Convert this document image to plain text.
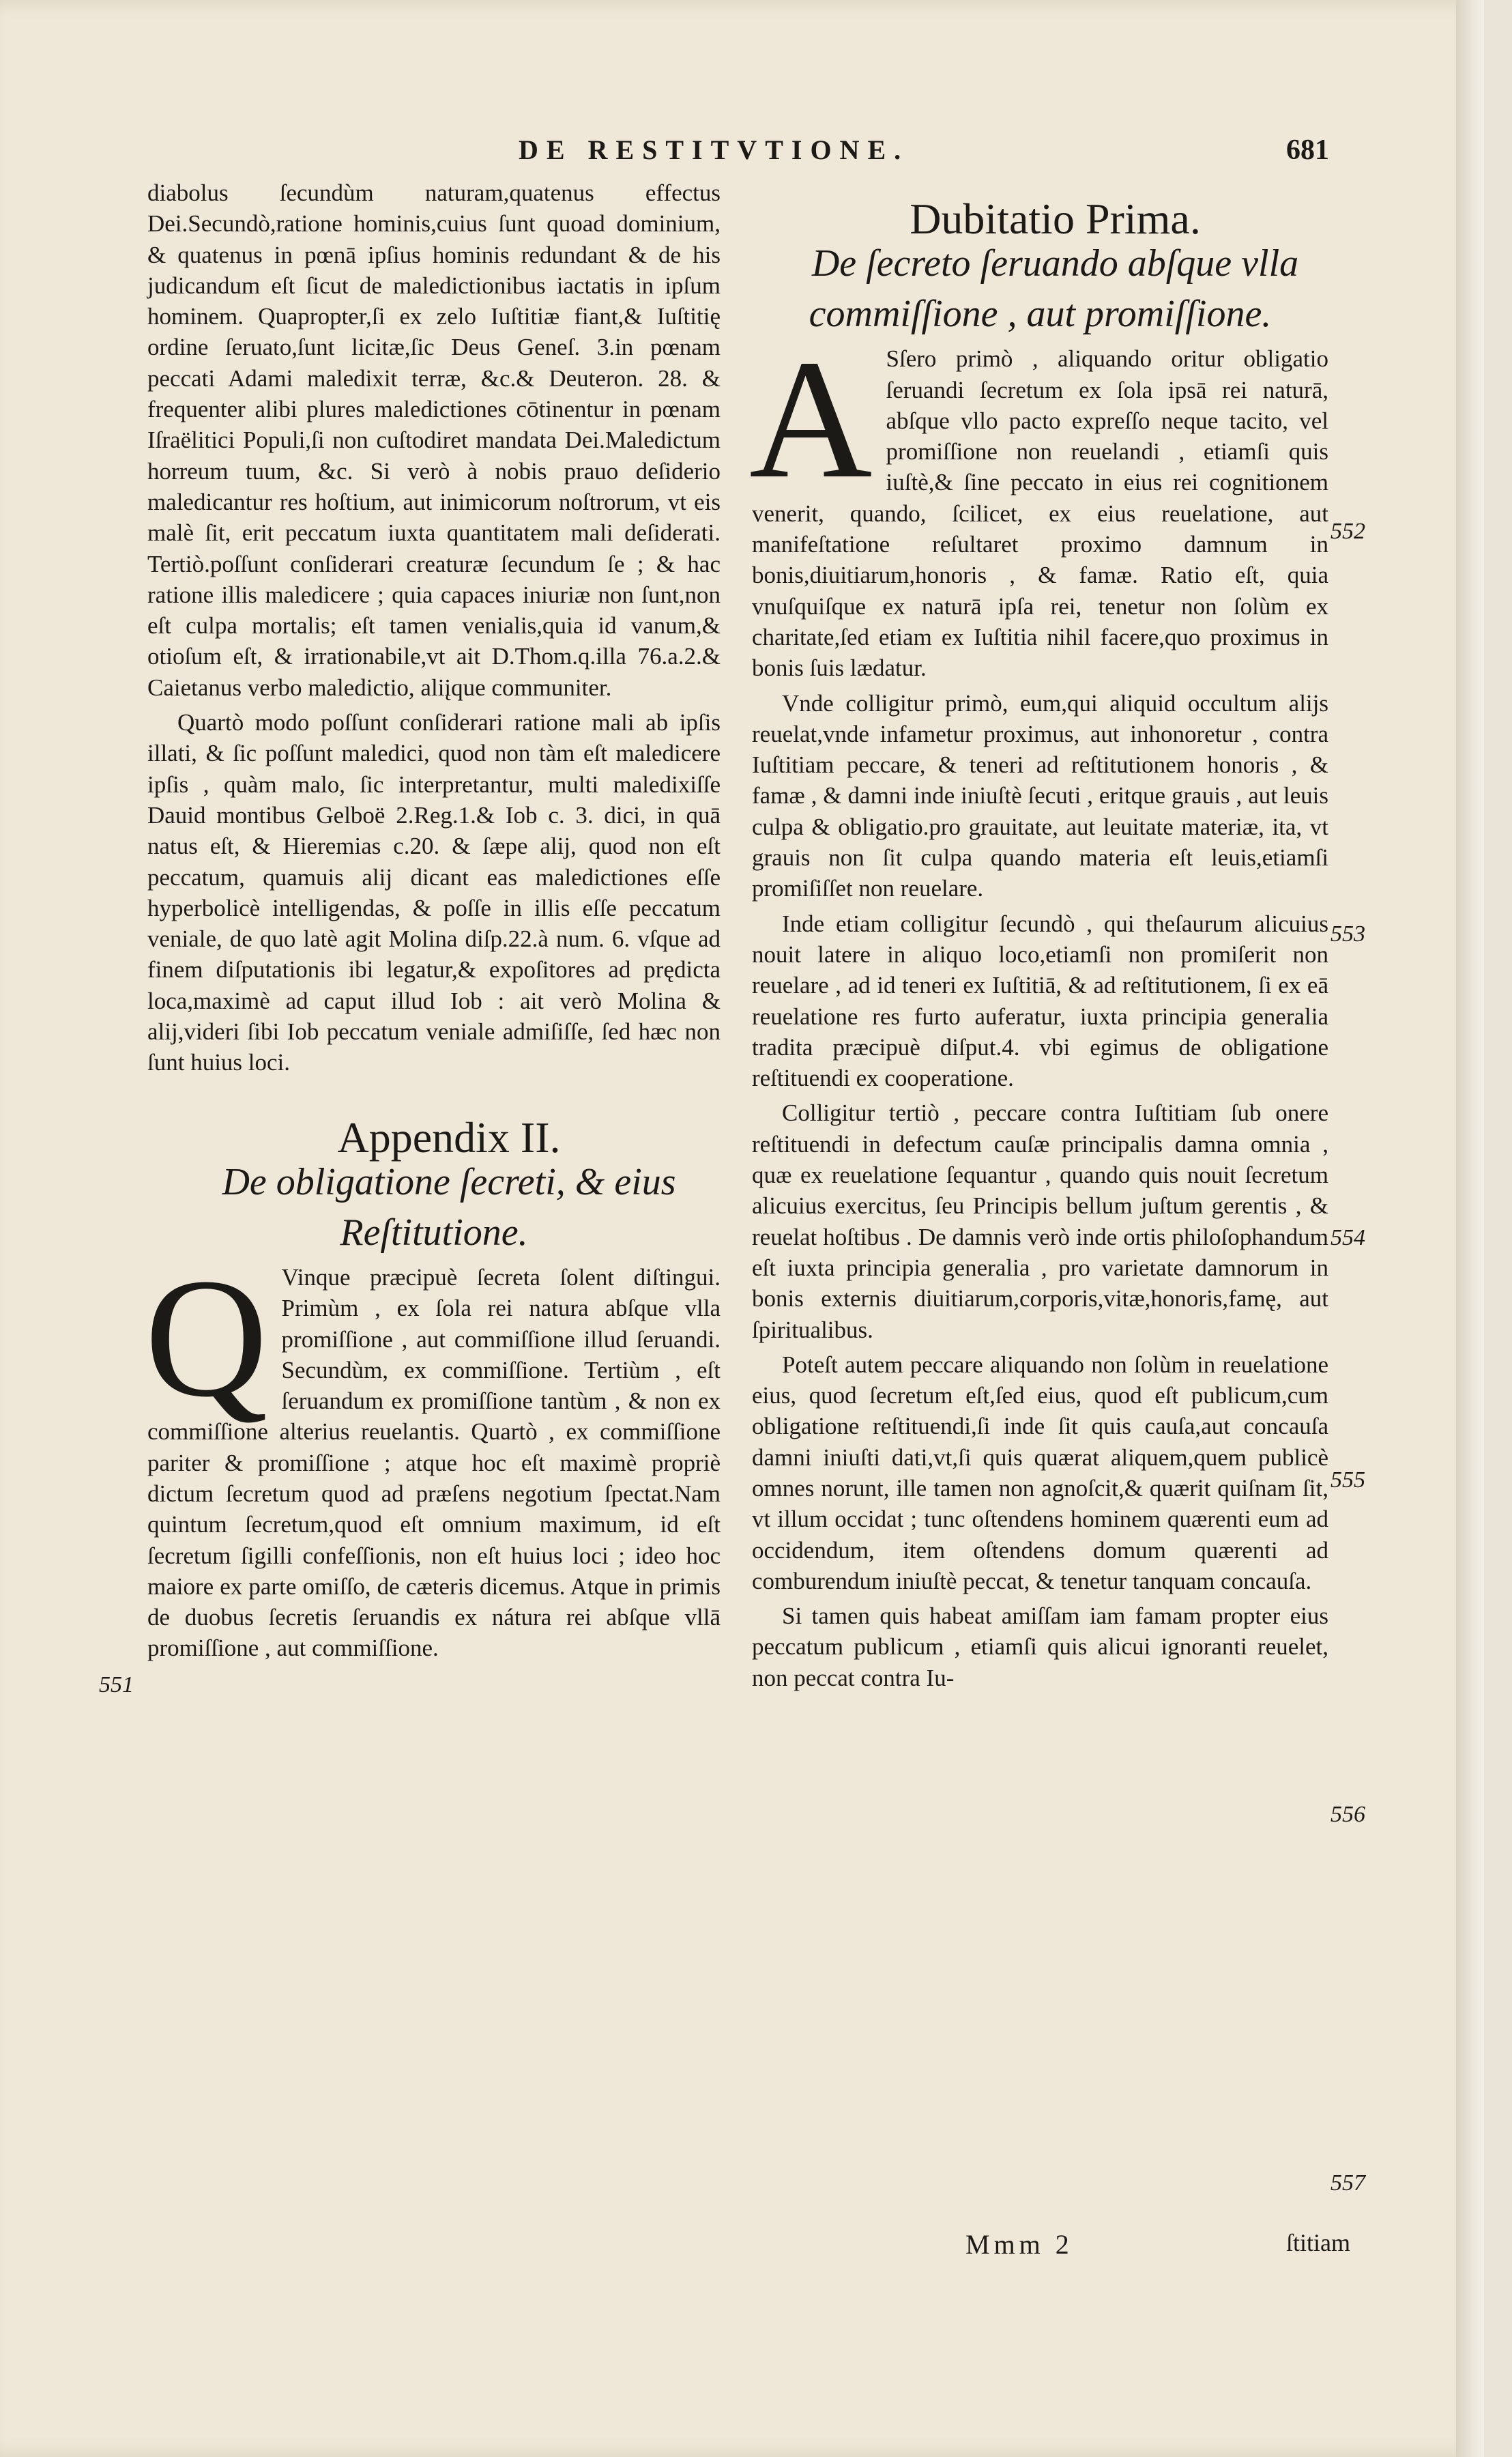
DE RESTITVTIONE.	681

diabolus ſecundùm naturam,quatenus effectus Dei.Secundò,ratione hominis,cuius ſunt quoad dominium, & quatenus in pœnā ipſius hominis redundant & de his judicandum eſt ſicut de maledictionibus iactatis in ipſum hominem. Quapropter,ſi ex zelo Iuſtitiæ fiant,& Iuſtitię ordine ſeruato,ſunt licitæ,ſic Deus Geneſ. 3.in pœnam peccati Adami maledixit terræ, &c.& Deuteron. 28. & frequenter alibi plures maledictiones cōtinentur in pœnam Iſraëlitici Populi,ſi non cuſtodiret mandata Dei.Maledictum horreum tuum, &c. Si verò à nobis prauo deſiderio maledicantur res hoſtium, aut inimicorum noſtrorum, vt eis malè ſit, erit peccatum iuxta quantitatem mali deſiderati. Tertiò.poſſunt conſiderari creaturæ ſecundum ſe ; & hac ratione illis maledicere ; quia capaces iniuriæ non ſunt,non eſt culpa mortalis; eſt tamen venialis,quia id vanum,& otioſum eſt, & irrationabile,vt ait D.Thom.q.illa 76.a.2.& Caietanus verbo maledictio, aliįque communiter.

Quartò modo poſſunt conſiderari ratione mali ab ipſis illati, & ſic poſſunt maledici, quod non tàm eſt maledicere ipſis , quàm malo, ſic interpretantur, multi maledixiſſe Dauid montibus Gelboë 2.Reg.1.& Iob c. 3. dici, in quā natus eſt, & Hieremias c.20. & ſæpe alij, quod non eſt peccatum, quamuis alij dicant eas maledictiones eſſe hyperbolicè intelligendas, & poſſe in illis eſſe peccatum veniale, de quo latè agit Molina diſp.22.à num. 6. vſque ad finem diſputationis ibi legatur,& expoſitores ad prędicta loca,maximè ad caput illud Iob : ait verò Molina & alij,videri ſibi Iob peccatum veniale admiſiſſe, ſed hæc non ſunt huius loci.

Appendix II.

De obligatione ſecreti, & eius Reſtitutione.

Q Vinque præcipuè ſecreta ſolent diſtingui. Primùm , ex ſola rei natura abſque vlla promiſſione , aut commiſſione illud ſeruandi. Secundùm, ex commiſſione. Tertiùm , eſt ſeruandum ex promiſſione tantùm , & non ex commiſſione alterius reuelantis. Quartò , ex commiſſione pariter & promiſſione ; atque hoc eſt maximè propriè dictum ſecretum quod ad præſens negotium ſpectat.Nam quintum ſecretum,quod eſt omnium maximum, id eſt ſecretum ſigilli confeſſionis, non eſt huius loci ; ideo hoc maiore ex parte omiſſo, de cæteris dicemus. Atque in primis de duobus ſecretis ſeruandis ex nátura rei abſque vllā promiſſione , aut commiſſione.

551

Dubitatio Prima.

De ſecreto ſeruando abſque vlla commiſſione , aut promiſſione.

A Sſero primò , aliquando oritur obligatio ſeruandi ſecretum ex ſola ipsā rei naturā, abſque vllo pacto expreſſo neque tacito, vel promiſſione non reuelandi , etiamſi quis iuſtè,& ſine peccato in eius rei cognitionem venerit, quando, ſcilicet, ex eius reuelatione, aut manifeſtatione reſultaret proximo damnum in bonis,diuitiarum,honoris , & famæ. Ratio eſt, quia vnuſquiſque ex naturā ipſa rei, tenetur non ſolùm ex charitate,ſed etiam ex Iuſtitia nihil facere,quo proximus in bonis ſuis lædatur.

Vnde colligitur primò, eum,qui aliquid occultum alijs reuelat,vnde infametur proximus, aut inhonoretur , contra Iuſtitiam peccare, & teneri ad reſtitutionem honoris , & famæ , & damni inde iniuſtè ſecuti , eritque grauis , aut leuis culpa & obligatio.pro grauitate, aut leuitate materiæ, ita, vt grauis non ſit culpa quando materia eſt leuis,etiamſi promiſiſſet non reuelare.

Inde etiam colligitur ſecundò , qui theſaurum alicuius nouit latere in aliquo loco,etiamſi non promiſerit non reuelare , ad id teneri ex Iuſtitiā, & ad reſtitutionem, ſi ex eā reuelatione res furto auferatur, iuxta principia generalia tradita præcipuè diſput.4. vbi egimus de obligatione reſtituendi ex cooperatione.

Colligitur tertiò , peccare contra Iuſtitiam ſub onere reſtituendi in defectum cauſæ principalis damna omnia , quæ ex reuelatione ſequantur , quando quis nouit ſecretum alicuius exercitus, ſeu Principis bellum juſtum gerentis , & reuelat hoſtibus . De damnis verò inde ortis philoſophandum eſt iuxta principia generalia , pro varietate damnorum in bonis externis diuitiarum,corporis,vitæ,honoris,famę, aut ſpiritualibus.

Poteſt autem peccare aliquando non ſolùm in reuelatione eius, quod ſecretum eſt,ſed eius, quod eſt publicum,cum obligatione reſtituendi,ſi inde ſit quis cauſa,aut concauſa damni iniuſti dati,vt,ſi quis quærat aliquem,quem publicè omnes norunt, ille tamen non agnoſcit,& quærit quiſnam ſit, vt illum occidat ; tunc oſtendens hominem quærenti eum ad occidendum, item oſtendens domum quærenti ad comburendum iniuſtè peccat, & tenetur tanquam concauſa.

Si tamen quis habeat amiſſam iam famam propter eius peccatum publicum , etiamſi quis alicui ignoranti reuelet, non peccat contra Iu-

552
553
554
555
556
557
Mmm 2	ſtitiam
